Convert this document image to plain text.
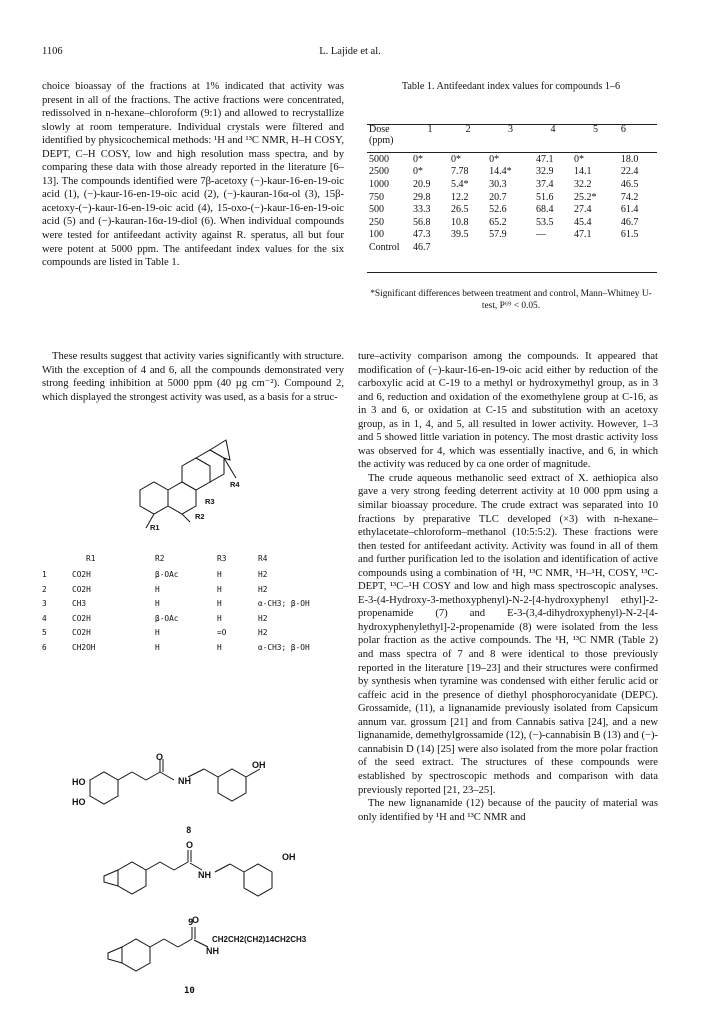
1106	L. Lajide et al.

choice bioassay of the fractions at 1% indicated that activity was present in all of the fractions. The active fractions were concentrated, redissolved in n-hexane–chloroform (9:1) and allowed to recrystallize slowly at room temperature. Individual crystals were filtered and identified by physicochemical methods: ¹H and ¹³C NMR, H–H COSY, DEPT, C–H COSY, low and high resolution mass spectra, and by comparing these data with those already reported in the literature [6–13]. The compounds identified were 7β-acetoxy (−)-kaur-16-en-19-oic acid (1), (−)-kaur-16-en-19-oic acid (2), (−)-kauran-16α-ol (3), 15β-acetoxy-(−)-kaur-16-en-19-oic acid (4), 15-oxo-(−)-kaur-16-en-19-oic acid (5) and (−)-kauran-16α-19-diol (6). When individual compounds were tested for antifeedant activity against R. speratus, all but four were potent at 5000 ppm. The antifeedant index values for the six compounds are listed in Table 1.

These results suggest that activity varies significantly with structure. With the exception of 4 and 6, all the compounds demonstrated very strong feeding inhibition at 5000 ppm (40 µg cm⁻²). Compound 2, which displayed the strongest activity was used, as a basis for a struc-

Table 1. Antifeedant index values for compounds 1–6
Dose (ppm)	1	2	3	4	5	6
5000	0*	0*	0*	47.1	0*	18.0
2500	0*	7.78	14.4*	32.9	14.1	22.4
1000	20.9	5.4*	30.3	37.4	32.2	46.5
750	29.8	12.2	20.7	51.6	25.2*	74.2
500	33.3	26.5	52.6	68.4	27.4	61.4
250	56.8	10.8	65.2	53.5	45.4	46.7
100	47.3	39.5	57.9	—	47.1	61.5
Control	46.7					
*Significant differences between treatment and control, Mann–Whitney U-test, P⁶⁹ < 0.05.

ture–activity comparison among the compounds. It appeared that modification of (−)-kaur-16-en-19-oic acid either by reduction of the carboxylic acid at C-19 to a methyl or hydroxymethyl group, as in 3 and 6, reduction and oxidation of the exomethylene group at C-16, as in 3 and 6, or oxidation at C-15 and substitution with an acetoxy group, as in 1, 4, and 5, all resulted in lower activity. However, 1–3 and 5 showed little variation in potency. The most drastic activity loss was observed for 4, which was essentially inactive, and 6, in which the activity was reduced by ca one order of magnitude.

The crude aqueous methanolic seed extract of X. aethiopica also gave a very strong feeding deterrent activity at 10 000 ppm using a similar bioassay procedure. The crude extract was separated into 10 fractions by preparative TLC developed (×3) with n-hexane–ethylacetate–chloroform–methanol (10:5:5:2). These fractions were then tested for antifeedant activity. Activity was found in all of them and further purification led to the isolation and identification of active compounds using a combination of ¹H, ¹³C NMR, ¹H–¹H, COSY, ¹³C-DEPT, ¹³C–¹H COSY and low and high mass spectroscopic analyses. E-3-(4-Hydroxy-3-methoxyphenyl)-N-2-[4-hydroxyphenyl ethyl]-2-propenamide (7) and E-3-(3,4-dihydroxyphenyl)-N-2-[4-hydroxyphenylethyl]-2-propenamide (8) were isolated from the less polar fraction as the active compounds. The ¹H, ¹³C NMR (Table 2) and mass spectra of 7 and 8 were identical to those previously reported in the literature [19–23] and their structures were confirmed by synthesis when tyramine was condensed with either ferulic acid or caffeic acid in the presence of diethyl phosphorocyanidate (DEPC). Grossamide, (11), a lignanamide previously isolated from Capsicum annum var. grossum [21] and from Cannabis sativa [24], and a new lignanamide, demethylgrossamide (12), (−)-cannabisin B (13) and (−)-cannabisin D (14) [25] were also isolated from the more polar fraction of the seed extract. The structures of these compounds were established by spectroscopic methods and comparison with data previously reported [21, 23–25].

The new lignanamide (12) because of the paucity of material was only identified by ¹H and ¹³C NMR and

R4
R3
R2
R1
R1	R2	R3	R4
1	CO2H	β-OAc	H	H2
2	CO2H	H	H	H2
3	CH3	H	H	α-CH3; β-OH
4	CO2H	β-OAc	H	H2
5	CO2H	H	=O	H2
6	CH2OH	H	H	α-CH3; β-OH
OH
HO
HO
NH
O
8
OH
NH
O
9
CH2CH2(CH2)14CH2CH3
NH
O
10
